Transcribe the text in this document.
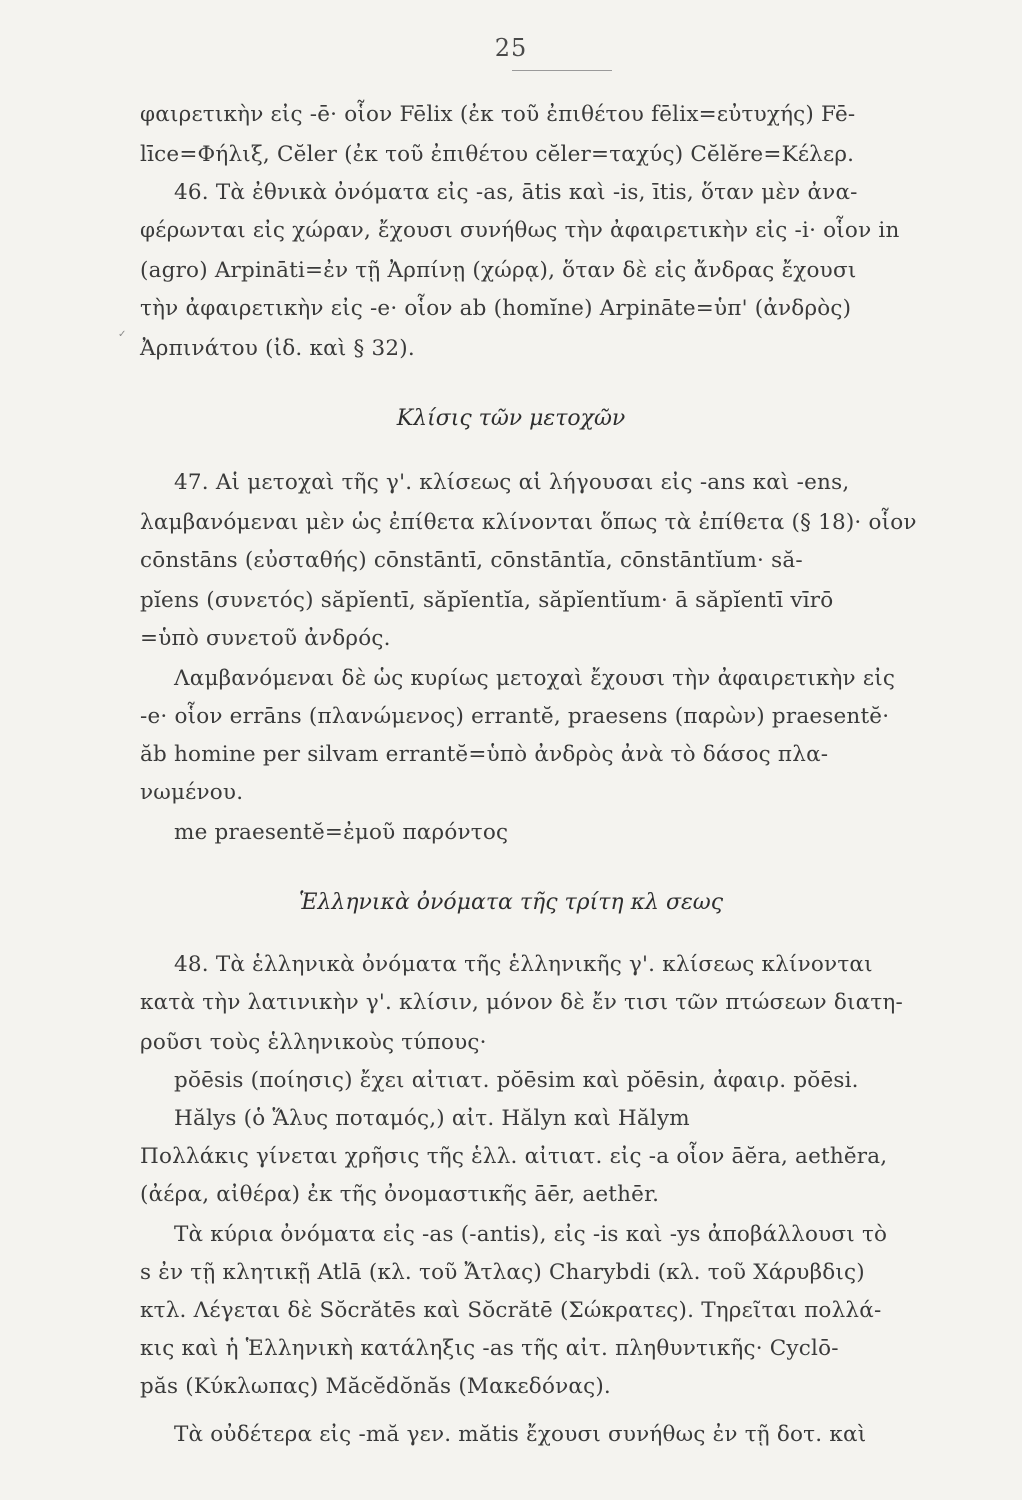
25
φαιρετικὴν εἰς -ē· οἷον Fēlix (ἐκ τοῦ ἐπιθέτου fēlix=εὐτυχής) Fē-
līce=Φήλιξ, Cĕler (ἐκ τοῦ ἐπιθέτου cĕler=ταχύς) Cĕlĕre=Κέλερ.
46. Τὰ ἐθνικὰ ὀνόματα εἰς -as, ātis καὶ -is, ītis, ὅταν μὲν ἀνα-
φέρωνται εἰς χώραν, ἔχουσι συνήθως τὴν ἀφαιρετικὴν εἰς -i· οἷον in
(agro) Arpināti=ἐν τῇ Ἀρπίνῃ (χώρᾳ), ὅταν δὲ εἰς ἄνδρας ἔχουσι
τὴν ἀφαιρετικὴν εἰς -e· οἷον ab (homĭne) Arpināte=ὑπ' (ἀνδρὸς)
Ἀρπινάτου (ἰδ. καὶ § 32).
✓
Κλίσις τῶν μετοχῶν
47. Αἱ μετοχαὶ τῆς γ'. κλίσεως αἱ λήγουσαι εἰς -ans καὶ -ens,
λαμβανόμεναι μὲν ὡς ἐπίθετα κλίνονται ὅπως τὰ ἐπίθετα (§ 18)· οἷον
cōnstāns (εὐσταθής) cōnstāntī, cōnstāntĭa, cōnstāntĭum· să-
pĭens (συνετός) săpĭentī, săpĭentĭa, săpĭentĭum· ā săpĭentī vīrō
=ὑπὸ συνετοῦ ἀνδρός.
Λαμβανόμεναι δὲ ὡς κυρίως μετοχαὶ ἔχουσι τὴν ἀφαιρετικὴν εἰς
-e· οἷον errāns (πλανώμενος) errantĕ, praesens (παρὼν) praesentĕ·
ăb homine per silvam errantĕ=ὑπὸ ἀνδρὸς ἀνὰ τὸ δάσος πλα-
νωμένου.
me praesentĕ=ἐμοῦ παρόντος
Ἑλληνικὰ ὀνόματα τῆς τρίτη κλ σεως
48. Τὰ ἑλληνικὰ ὀνόματα τῆς ἑλληνικῆς γ'. κλίσεως κλίνονται
κατὰ τὴν λατινικὴν γ'. κλίσιν, μόνον δὲ ἔν τισι τῶν πτώσεων διατη-
ροῦσι τοὺς ἑλληνικοὺς τύπους·
pŏēsis (ποίησις) ἔχει αἰτιατ. pŏēsim καὶ pŏēsin, ἀφαιρ. pŏēsi.
Hălys (ὁ Ἅλυς ποταμός,) αἰτ. Hălyn καὶ Hălym
Πολλάκις γίνεται χρῆσις τῆς ἑλλ. αἰτιατ. εἰς -a οἷον āĕra, aethĕra,
(ἀέρα, αἰθέρα) ἐκ τῆς ὀνομαστικῆς āēr, aethēr.
Τὰ κύρια ὀνόματα εἰς -as (-antis), εἰς -is καὶ -ys ἀποβάλλουσι τὸ
s ἐν τῇ κλητικῇ Atlā (κλ. τοῦ Ἄτλας) Charybdi (κλ. τοῦ Χάρυβδις)
κτλ. Λέγεται δὲ Sŏcrătēs καὶ Sŏcrătē (Σώκρατες). Τηρεῖται πολλά-
κις καὶ ἡ Ἑλληνικὴ κατάληξις -as τῆς αἰτ. πληθυντικῆς· Cyclō-
păs (Κύκλωπας) Măcĕdŏnăs (Μακεδόνας).
Τὰ οὐδέτερα εἰς -mă γεν. mătis ἔχουσι συνήθως ἐν τῇ δοτ. καὶ
